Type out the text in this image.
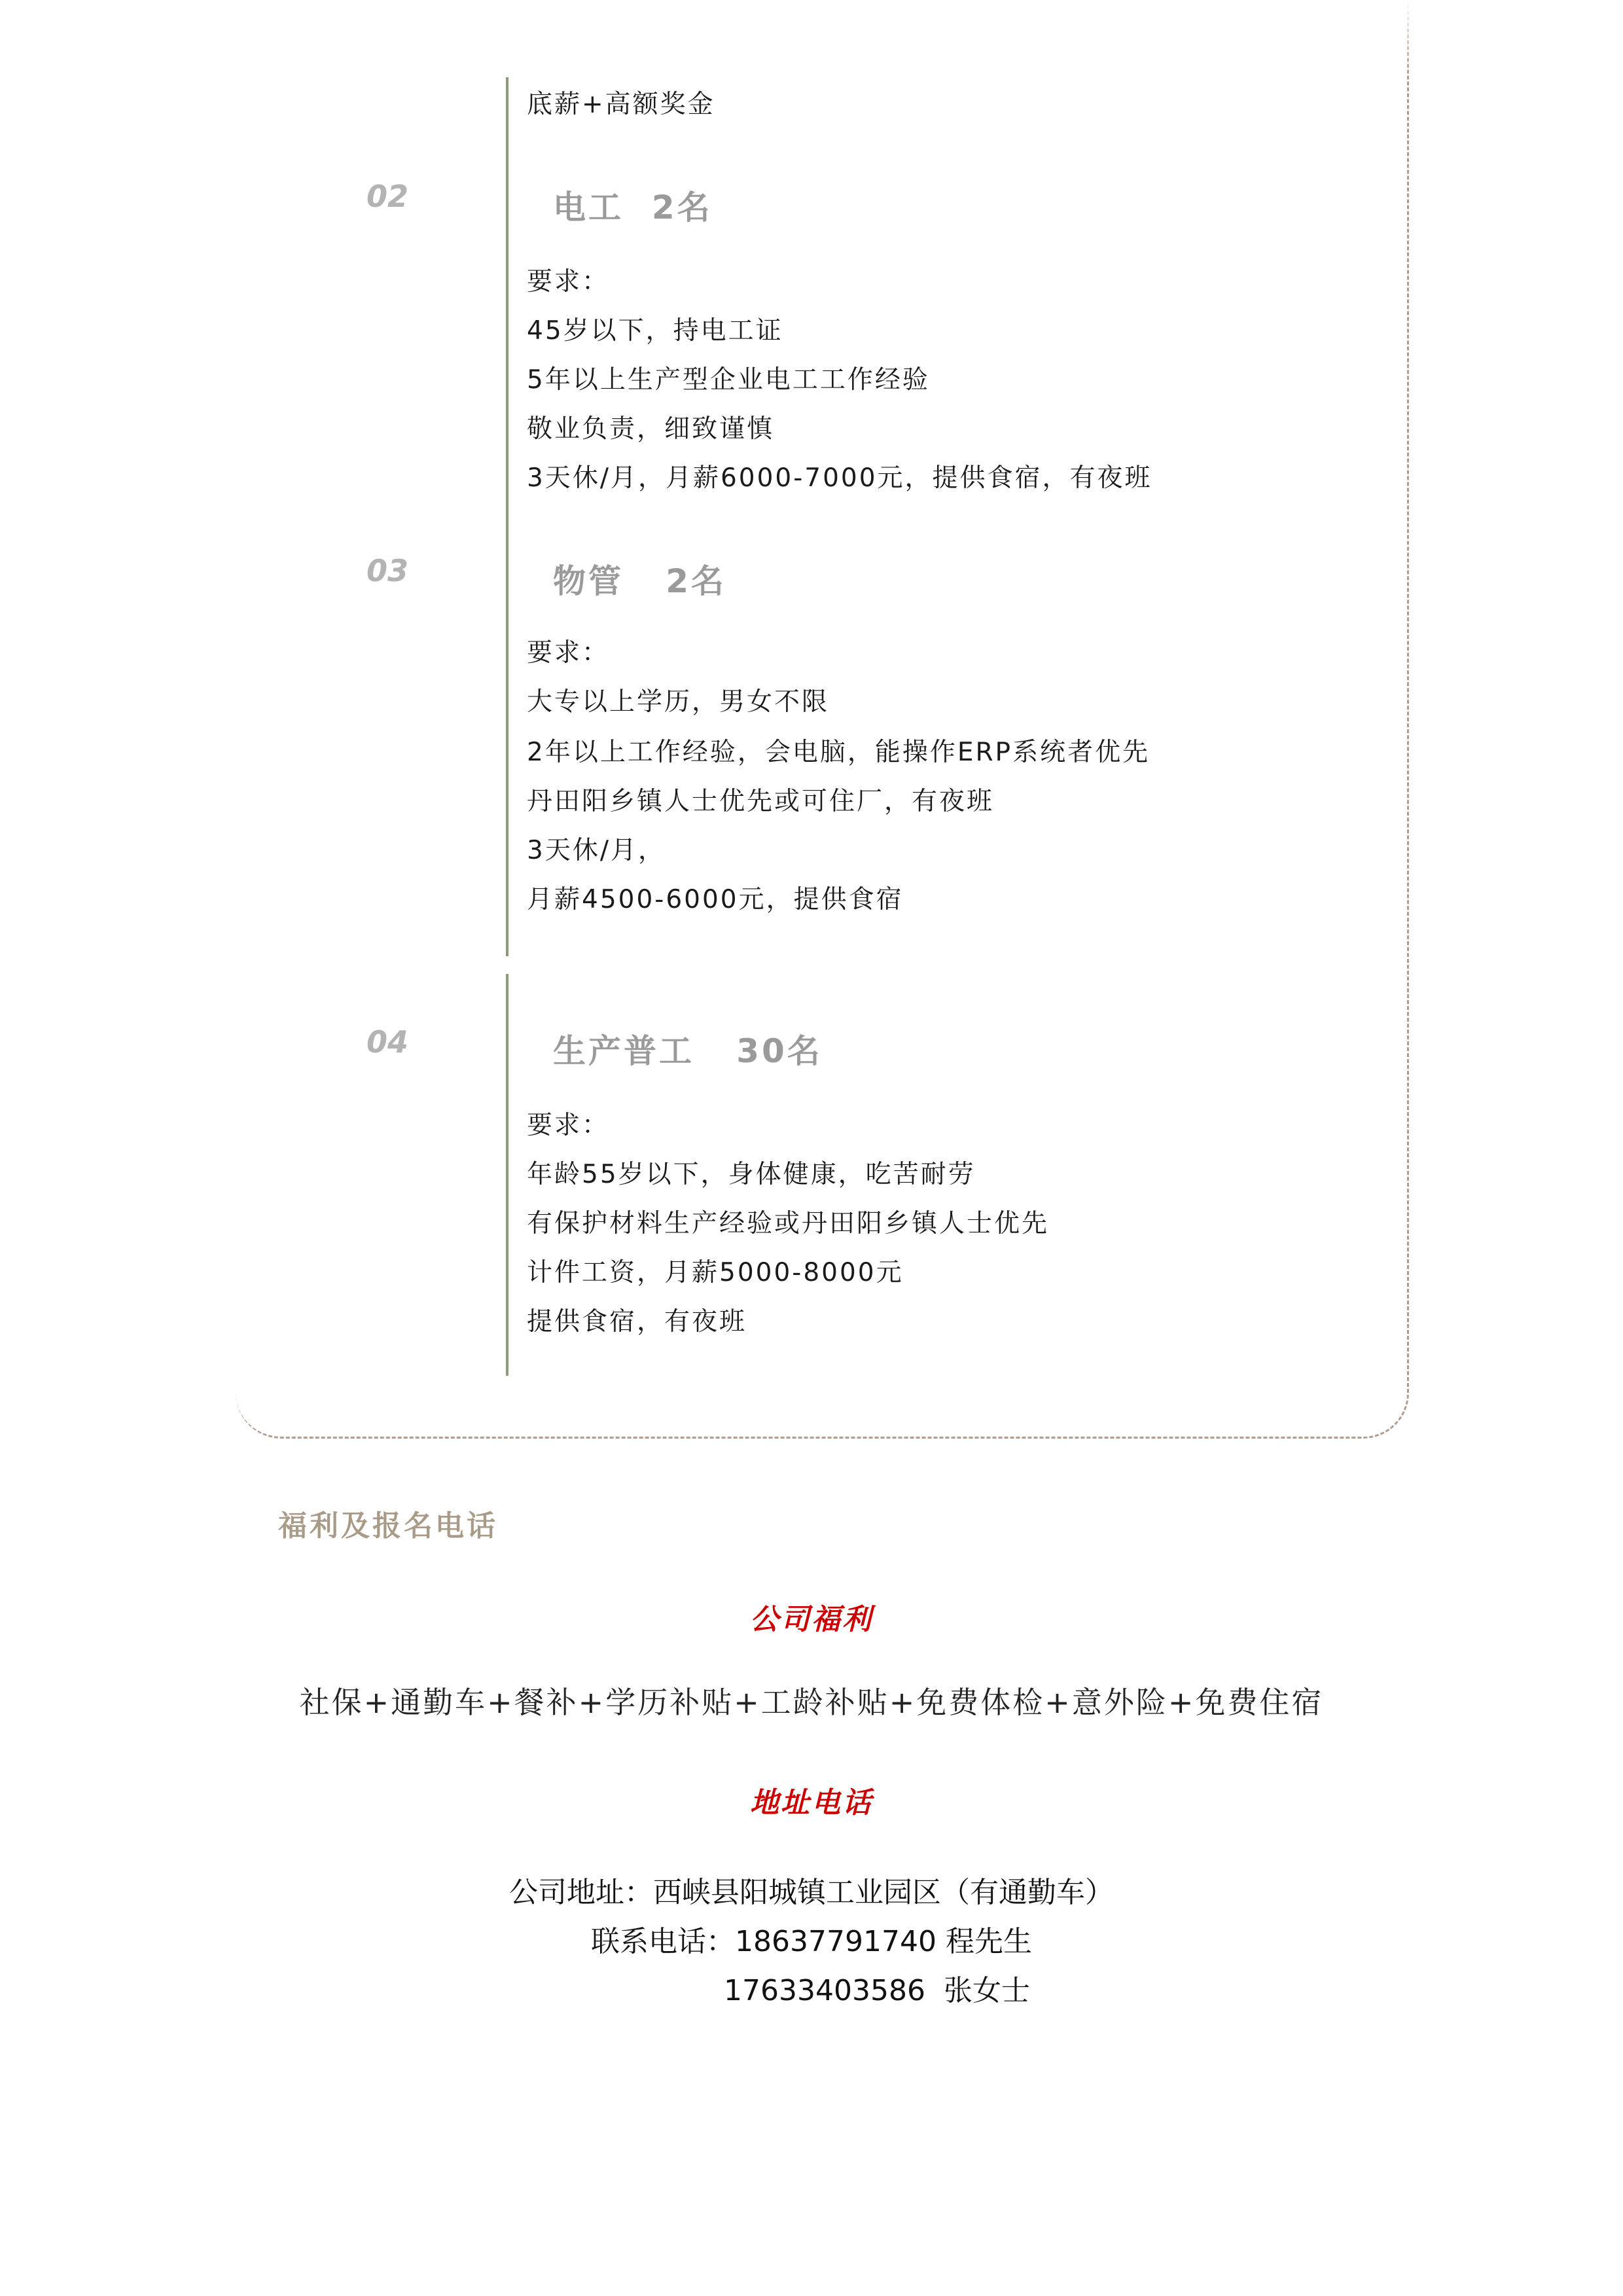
底薪+高额奖金
02	电工  2名
要求：
45岁以下，持电工证
5年以上生产型企业电工工作经验
敬业负责，细致谨慎
3天休/月，月薪6000-7000元，提供食宿，有夜班
03	物管   2名
要求：
大专以上学历，男女不限
2年以上工作经验，会电脑，能操作ERP系统者优先
丹田阳乡镇人士优先或可住厂，有夜班
3天休/月，
月薪4500-6000元，提供食宿
04	生产普工   30名
要求：
年龄55岁以下，身体健康，吃苦耐劳
有保护材料生产经验或丹田阳乡镇人士优先
计件工资，月薪5000-8000元
提供食宿，有夜班
福利及报名电话
公司福利
社保+通勤车+餐补+学历补贴+工龄补贴+免费体检+意外险+免费住宿
地址电话
公司地址：西峡县阳城镇工业园区（有通勤车）
联系电话：18637791740 程先生
17633403586  张女士
